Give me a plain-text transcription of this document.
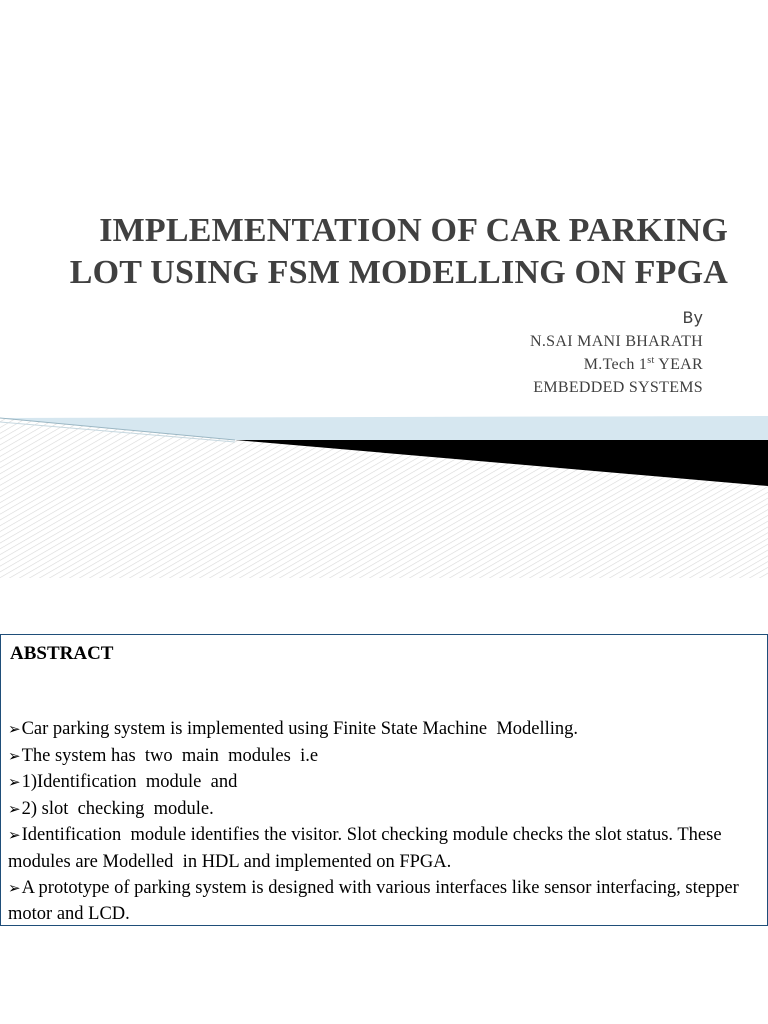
IMPLEMENTATION OF CAR PARKING
LOT USING FSM MODELLING ON FPGA
By
N.SAI MANI BHARATH
M.Tech 1st YEAR
EMBEDDED SYSTEMS
ABSTRACT

➢Car parking system is implemented using Finite State Machine  Modelling.

➢The system has  two  main  modules  i.e

➢1)Identification  module  and

➢2) slot  checking  module.

➢Identification  module identifies the visitor. Slot checking module checks the slot status. These modules are Modelled  in HDL and implemented on FPGA.

➢A prototype of parking system is designed with various interfaces like sensor interfacing, stepper motor and LCD.
